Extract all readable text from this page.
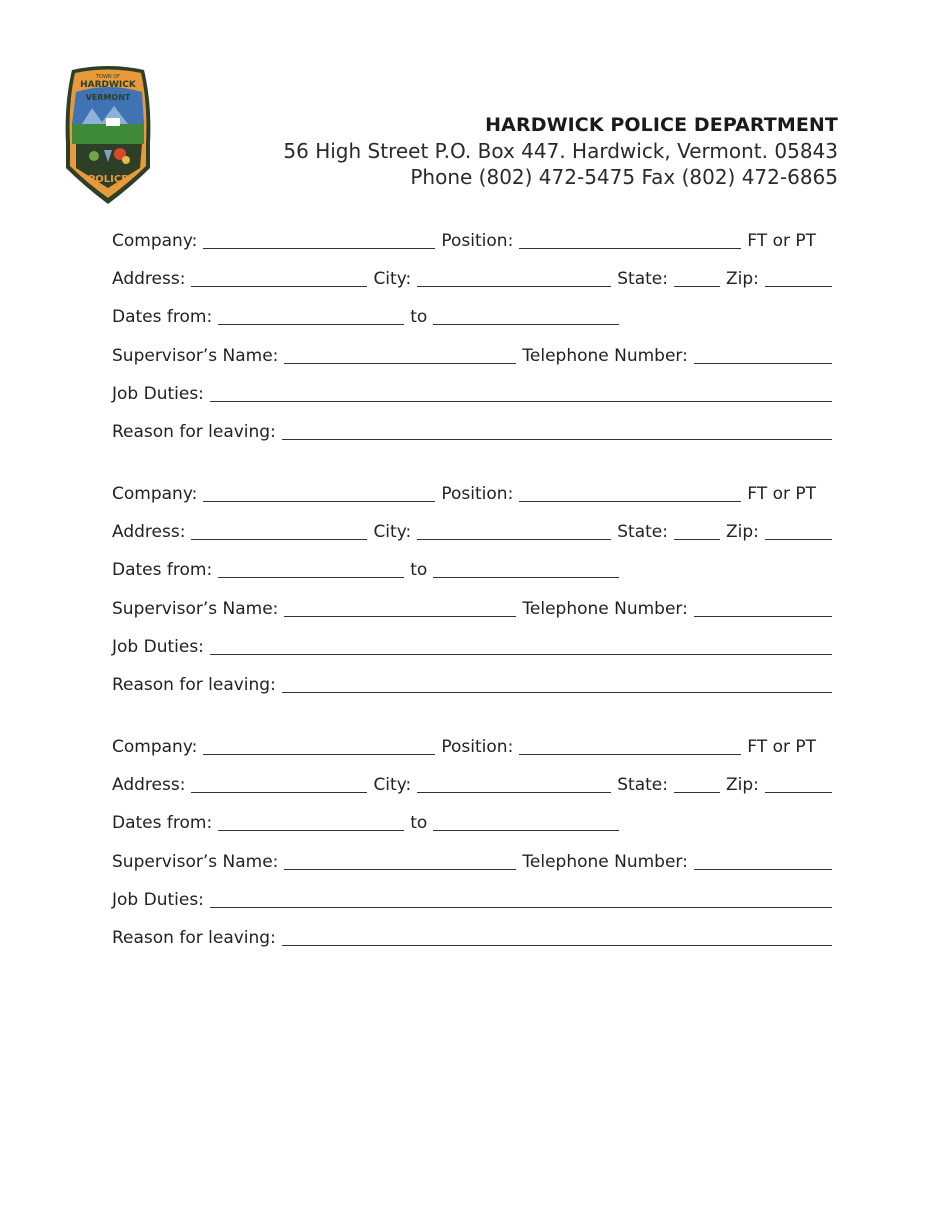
TOWN OF
HARDWICK
VERMONT
POLICE
HARDWICK POLICE DEPARTMENT
56 High Street P.O. Box 447. Hardwick, Vermont. 05843
Phone (802) 472-5475 Fax (802) 472-6865
Company:	Position:	FT or PT
Address:	City:	State:	Zip:
Dates from:	to
Supervisor’s Name:	Telephone Number:
Job Duties:
Reason for leaving:
Company:	Position:	FT or PT
Address:	City:	State:	Zip:
Dates from:	to
Supervisor’s Name:	Telephone Number:
Job Duties:
Reason for leaving:
Company:	Position:	FT or PT
Address:	City:	State:	Zip:
Dates from:	to
Supervisor’s Name:	Telephone Number:
Job Duties:
Reason for leaving:
